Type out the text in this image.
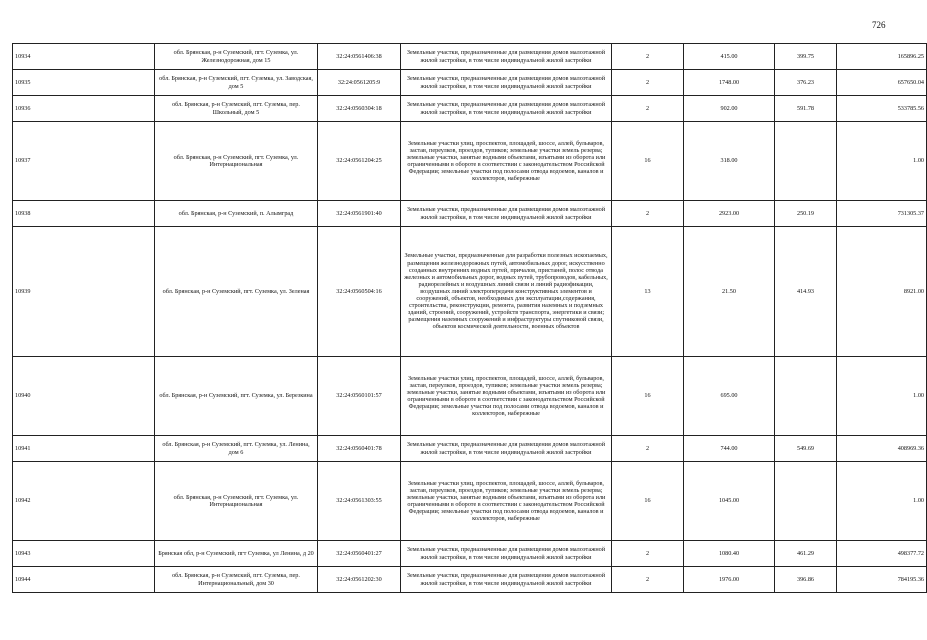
726
10934	обл. Брянская, р-н Суземский, пгт. Суземка, ул. Железнодорожная, дом 15	32:24:0561406:38	Земельные участки, предназначенные для размещения домов малоэтажной жилой застройки, в том числе индивидуальной жилой застройки	2	415.00	399.75	165896.25
10935	обл. Брянская, р-н Суземский, пгт. Суземка, ул. Заводская, дом 5	32:24:0561205:9	Земельные участки, предназначенные для размещения домов малоэтажной жилой застройки, в том числе индивидуальной жилой застройки	2	1748.00	376.23	657650.04
10936	обл. Брянская, р-н Суземский, пгт. Суземка, пер. Школьный, дом 5	32:24:0560304:18	Земельные участки, предназначенные для размещения домов малоэтажной жилой застройки, в том числе индивидуальной жилой застройки	2	902.00	591.78	533785.56
10937	обл. Брянская, р-н Суземский, пгт. Суземка, ул. Интернациональная	32:24:0561204:25	Земельные участки улиц, проспектов, площадей, шоссе, аллей, бульваров, застав, переулков, проездов, тупиков; земельные участки земель резерва; земельные участки, занятые водными объектами, изъятыми из оборота или ограниченными в обороте в соответствии с законодательством Российской Федерации; земельные участки под полосами отвода водоемов, каналов и коллекторов, набережные	16	318.00		1.00
10938	обл. Брянская, р-н Суземский, п. Алымград	32:24:0561901:40	Земельные участки, предназначенные для размещения домов малоэтажной жилой застройки, в том числе индивидуальной жилой застройки	2	2923.00	250.19	731305.37
10939	обл. Брянская, р-н Суземский, пгт. Суземка, ул. Зеленая	32:24:0560504:16	Земельные участки, предназначенные для разработки полезных ископаемых, размещения железнодорожных путей, автомобильных дорог, искусственно созданных внутренних водных путей, причалов, пристаней, полос отвода железных и автомобильных дорог, водных путей, трубопроводов, кабельных, радиорелейных и воздушных линий связи и линий радиофикации, воздушных линий электропередачи конструктивных элементов и сооружений, объектов, необходимых для эксплуатации,содержания, строительства, реконструкции, ремонта, развития наземных и подземных зданий, строений, сооружений, устройств транспорта, энергетики и связи; размещения наземных сооружений и инфраструктуры спутниковой связи, объектов космической деятельности, военных объектов	13	21.50	414.93	8921.00
10940	обл. Брянская, р-н Суземский, пгт. Суземка, ул. Березкина	32:24:0560101:57	Земельные участки улиц, проспектов, площадей, шоссе, аллей, бульваров, застав, переулков, проездов, тупиков; земельные участки земель резерва; земельные участки, занятые водными объектами, изъятыми из оборота или ограниченными в обороте в соответствии с законодательством Российской Федерации; земельные участки под полосами отвода водоемов, каналов и коллекторов, набережные	16	695.00		1.00
10941	обл. Брянская, р-н Суземский, пгт. Суземка, ул. Ленина, дом 6	32:24:0560401:78	Земельные участки, предназначенные для размещения домов малоэтажной жилой застройки, в том числе индивидуальной жилой застройки	2	744.00	549.69	408969.36
10942	обл. Брянская, р-н Суземский, пгт. Суземка, ул. Интернациональная	32:24:0561303:55	Земельные участки улиц, проспектов, площадей, шоссе, аллей, бульваров, застав, переулков, проездов, тупиков; земельные участки земель резерва; земельные участки, занятые водными объектами, изъятыми из оборота или ограниченными в обороте в соответствии с законодательством Российской Федерации; земельные участки под полосами отвода водоемов, каналов и коллекторов, набережные	16	1045.00		1.00
10943	Брянская обл, р-н Суземский, пгт Суземка, ул Ленина, д 20	32:24:0560401:27	Земельные участки, предназначенные для размещения домов малоэтажной жилой застройки, в том числе индивидуальной жилой застройки	2	1080.40	461.29	498377.72
10944	обл. Брянская, р-н Суземский, пгт. Суземка, пер. Интернациональный, дом 30	32:24:0561202:30	Земельные участки, предназначенные для размещения домов малоэтажной жилой застройки, в том числе индивидуальной жилой застройки	2	1976.00	396.86	784195.36
